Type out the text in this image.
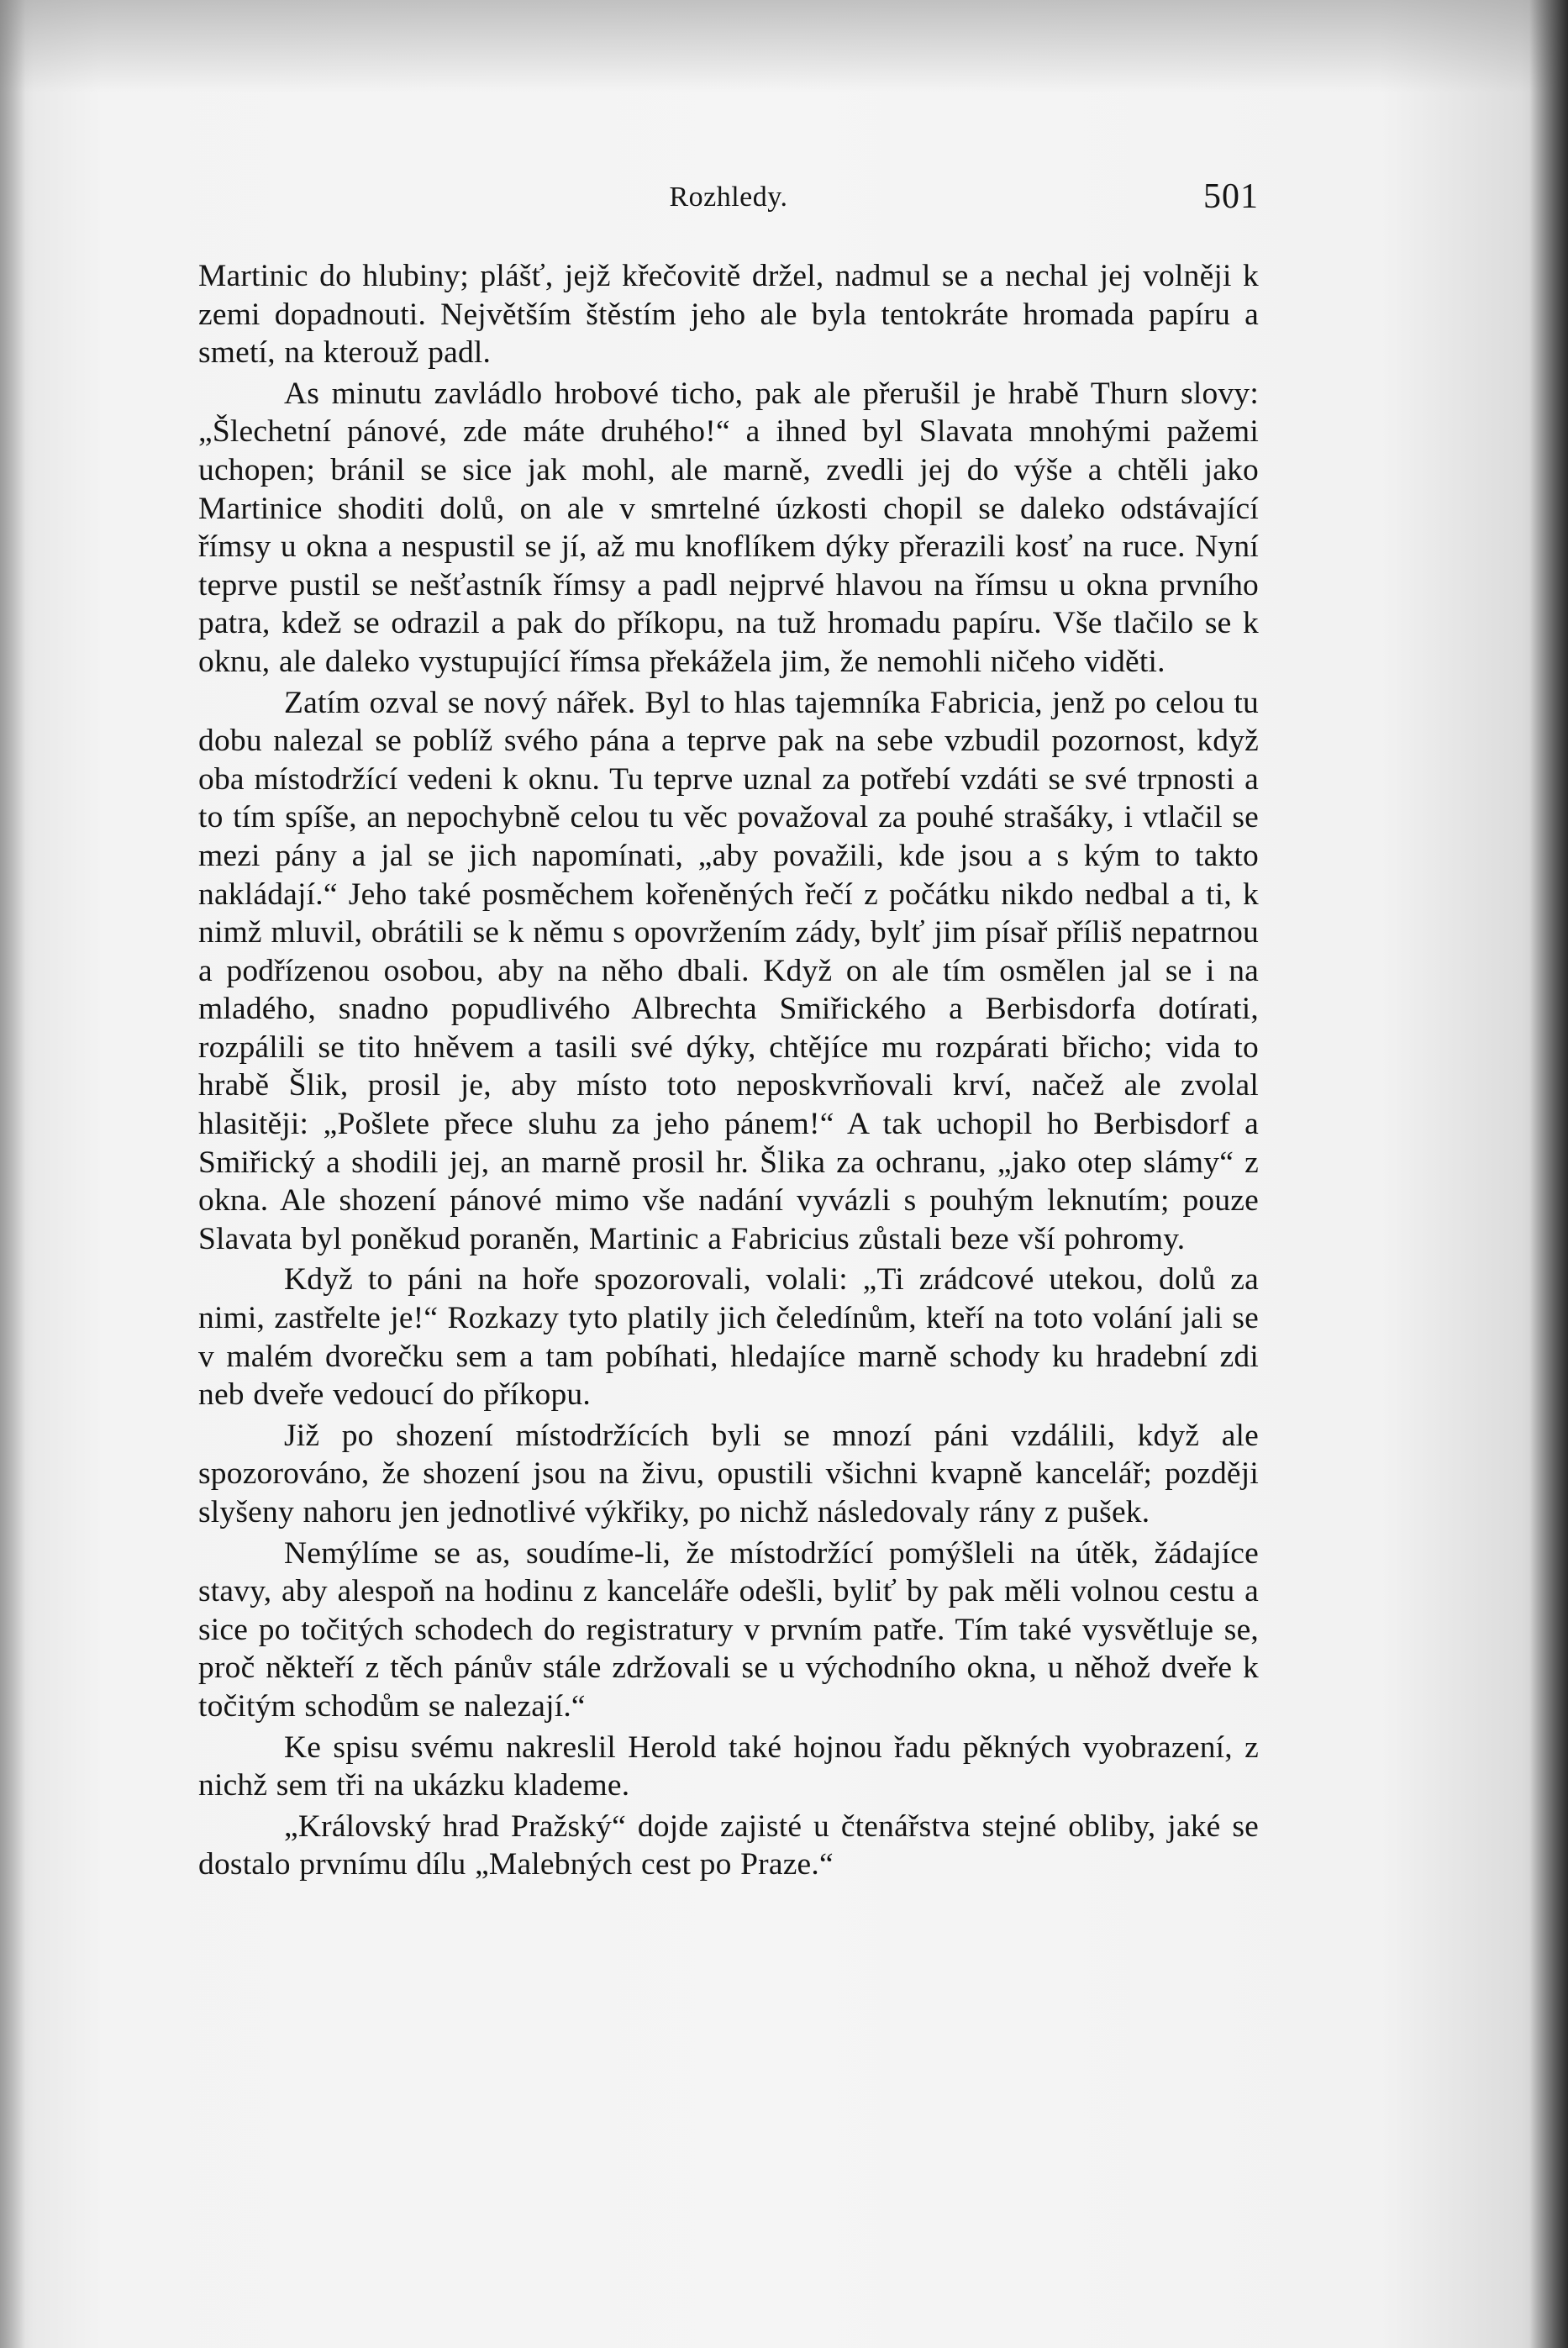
Rozhledy.	501

Martinic do hlubiny; plášť, jejž křečovitě držel, nadmul se a nechal jej volněji k zemi dopadnouti. Největším štěstím jeho ale byla tentokráte hromada papíru a smetí, na kterouž padl.

As minutu zavládlo hrobové ticho, pak ale přerušil je hrabě Thurn slovy: „Šlechetní pánové, zde máte druhého!“ a ihned byl Slavata mnohými pažemi uchopen; bránil se sice jak mohl, ale marně, zvedli jej do výše a chtěli jako Martinice shoditi dolů, on ale v smrtelné úzkosti chopil se daleko odstávající římsy u okna a nespustil se jí, až mu knoflíkem dýky přerazili kosť na ruce. Nyní teprve pustil se nešťastník římsy a padl nejprvé hlavou na římsu u okna prvního patra, kdež se odrazil a pak do příkopu, na tuž hromadu papíru. Vše tlačilo se k oknu, ale daleko vystupující římsa překážela jim, že nemohli ničeho viděti.

Zatím ozval se nový nářek. Byl to hlas tajemníka Fabricia, jenž po celou tu dobu nalezal se poblíž svého pána a teprve pak na sebe vzbudil pozornost, když oba místodržící vedeni k oknu. Tu teprve uznal za potřebí vzdáti se své trpnosti a to tím spíše, an nepochybně celou tu věc považoval za pouhé strašáky, i vtlačil se mezi pány a jal se jich napomínati, „aby považili, kde jsou a s kým to takto nakládají.“ Jeho také posměchem kořeněných řečí z počátku nikdo nedbal a ti, k nimž mluvil, obrátili se k němu s opovržením zády, bylť jim písař příliš nepatrnou a podřízenou osobou, aby na něho dbali. Když on ale tím osmělen jal se i na mladého, snadno popudlivého Albrechta Smiřického a Berbisdorfa dotírati, rozpálili se tito hněvem a tasili své dýky, chtějíce mu rozpárati břicho; vida to hrabě Šlik, prosil je, aby místo toto neposkvrňovali krví, načež ale zvolal hlasitěji: „Pošlete přece sluhu za jeho pánem!“ A tak uchopil ho Berbisdorf a Smiřický a shodili jej, an marně prosil hr. Šlika za ochranu, „jako otep slámy“ z okna. Ale shození pánové mimo vše nadání vyvázli s pouhým leknutím; pouze Slavata byl poněkud poraněn, Martinic a Fabricius zůstali beze vší pohromy.

Když to páni na hoře spozorovali, volali: „Ti zrádcové utekou, dolů za nimi, zastřelte je!“ Rozkazy tyto platily jich čeledínům, kteří na toto volání jali se v malém dvorečku sem a tam pobíhati, hledajíce marně schody ku hradební zdi neb dveře vedoucí do příkopu.

Již po shození místodržících byli se mnozí páni vzdálili, když ale spozorováno, že shození jsou na živu, opustili všichni kvapně kancelář; později slyšeny nahoru jen jednotlivé výkřiky, po nichž následovaly rány z pušek.

Nemýlíme se as, soudíme-li, že místodržící pomýšleli na útěk, žádajíce stavy, aby alespoň na hodinu z kanceláře odešli, byliť by pak měli volnou cestu a sice po točitých schodech do registratury v prvním patře. Tím také vysvětluje se, proč někteří z těch pánův stále zdržovali se u východního okna, u něhož dveře k točitým schodům se nalezají.“

Ke spisu svému nakreslil Herold také hojnou řadu pěkných vyobrazení, z nichž sem tři na ukázku klademe.

„Královský hrad Pražský“ dojde zajisté u čtenářstva stejné obliby, jaké se dostalo prvnímu dílu „Malebných cest po Praze.“
